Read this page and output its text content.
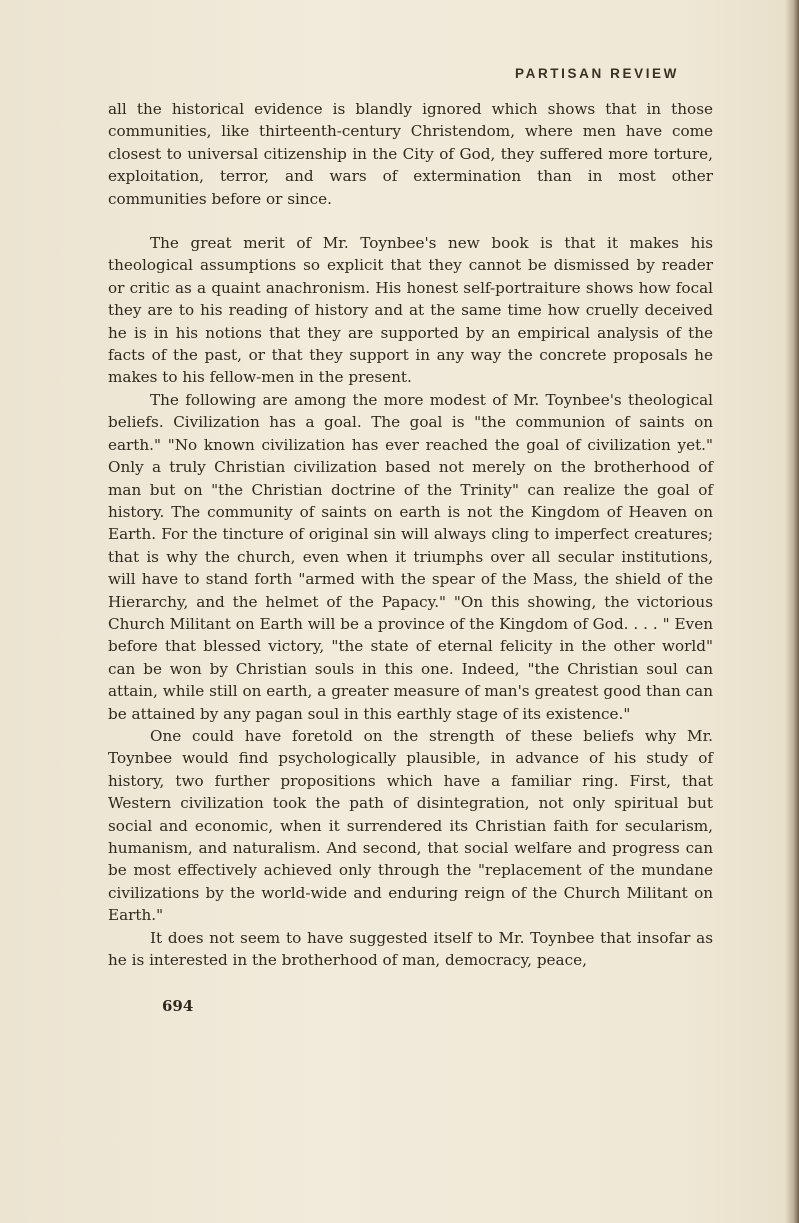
PARTISAN REVIEW

all the historical evidence is blandly ignored which shows that in those communities, like thirteenth-century Christendom, where men have come closest to universal citizenship in the City of God, they suffered more torture, exploitation, terror, and wars of extermination than in most other communities before or since.

The great merit of Mr. Toynbee's new book is that it makes his theological assumptions so explicit that they cannot be dismissed by reader or critic as a quaint anachronism. His honest self-portraiture shows how focal they are to his reading of history and at the same time how cruelly deceived he is in his notions that they are supported by an empirical analysis of the facts of the past, or that they support in any way the concrete proposals he makes to his fellow-men in the present.

The following are among the more modest of Mr. Toynbee's theological beliefs. Civilization has a goal. The goal is "the communion of saints on earth." "No known civilization has ever reached the goal of civilization yet." Only a truly Christian civilization based not merely on the brotherhood of man but on "the Christian doctrine of the Trinity" can realize the goal of history. The community of saints on earth is not the Kingdom of Heaven on Earth. For the tincture of original sin will always cling to imperfect creatures; that is why the church, even when it triumphs over all secular institutions, will have to stand forth "armed with the spear of the Mass, the shield of the Hierarchy, and the helmet of the Papacy." "On this showing, the victorious Church Militant on Earth will be a province of the Kingdom of God. . . . " Even before that blessed victory, "the state of eternal felicity in the other world" can be won by Christian souls in this one. Indeed, "the Christian soul can attain, while still on earth, a greater measure of man's greatest good than can be attained by any pagan soul in this earthly stage of its existence."

One could have foretold on the strength of these beliefs why Mr. Toynbee would find psychologically plausible, in advance of his study of history, two further propositions which have a familiar ring. First, that Western civilization took the path of disintegration, not only spiritual but social and economic, when it surrendered its Christian faith for secularism, humanism, and naturalism. And second, that social welfare and progress can be most effectively achieved only through the "replacement of the mundane civilizations by the world-wide and enduring reign of the Church Militant on Earth."

It does not seem to have suggested itself to Mr. Toynbee that insofar as he is interested in the brotherhood of man, democracy, peace,

694
